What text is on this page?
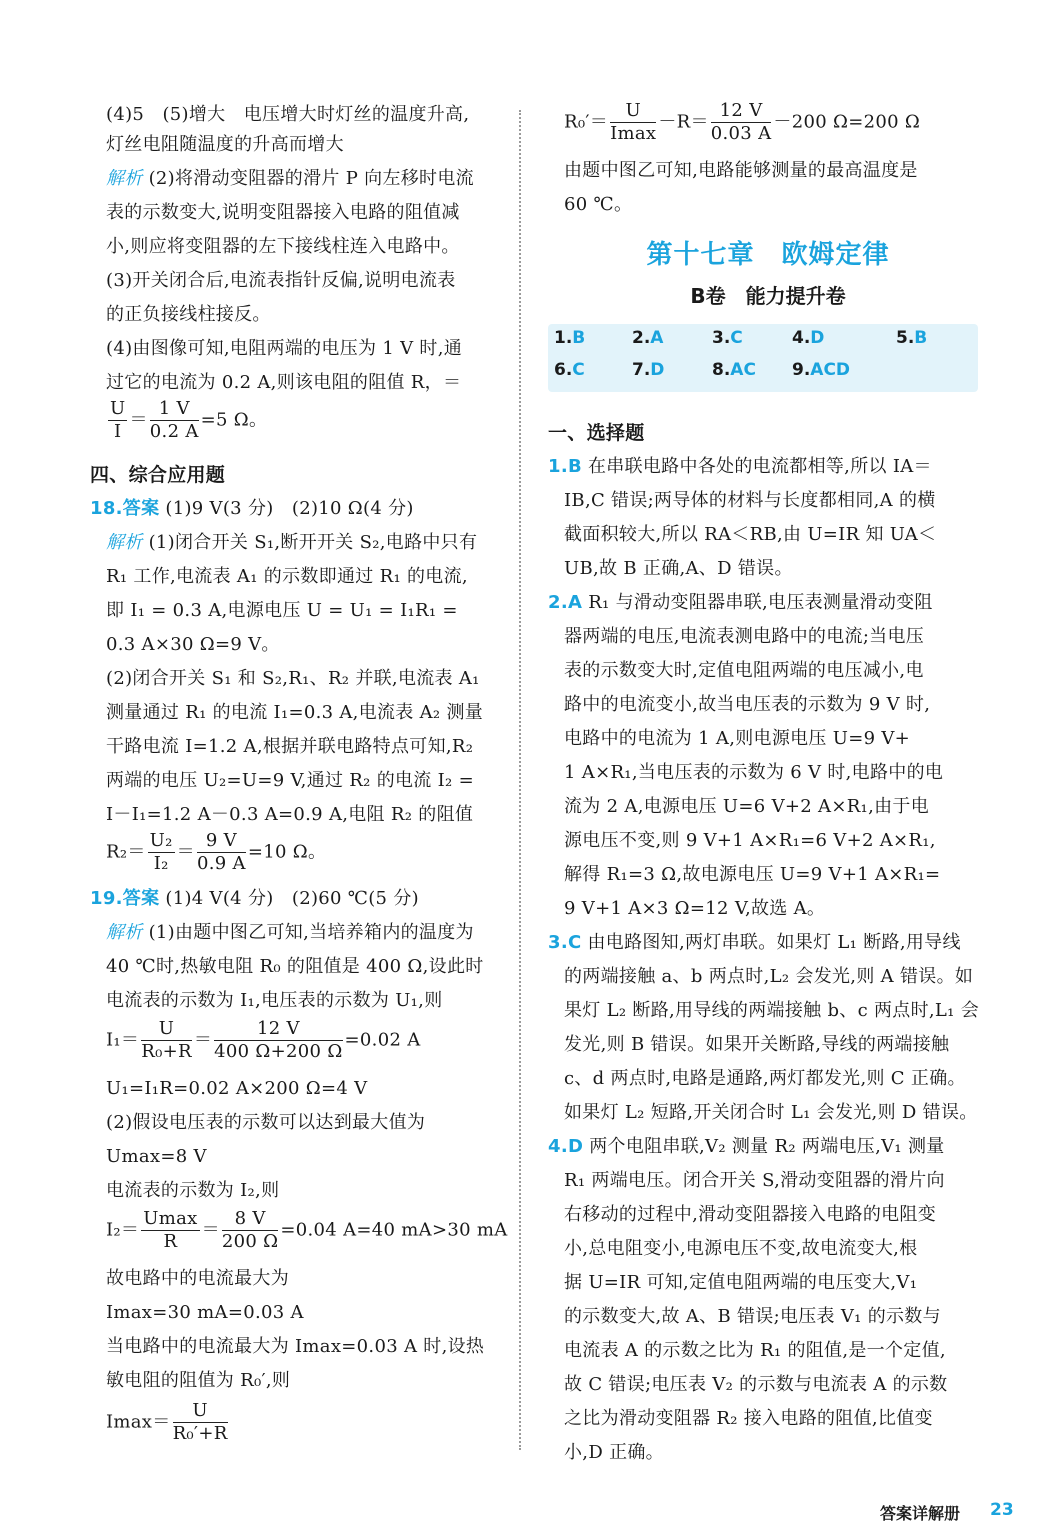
(4)5　(5)增大　电压增大时灯丝的温度升高,
灯丝电阻随温度的升高而增大
解析 (2)将滑动变阻器的滑片 P 向左移时电流
表的示数变大,说明变阻器接入电路的阻值减
小,则应将变阻器的左下接线柱连入电路中。
(3)开关闭合后,电流表指针反偏,说明电流表
的正负接线柱接反。
(4)由图像可知,电阻两端的电压为 1 V 时,通
过它的电流为 0.2 A,则该电阻的阻值 R，＝
四、综合应用题
18.答案 (1)9 V(3 分)　(2)10 Ω(4 分)
解析 (1)闭合开关 S₁,断开开关 S₂,电路中只有
R₁ 工作,电流表 A₁ 的示数即通过 R₁ 的电流,
即 I₁ = 0.3 A,电源电压 U = U₁ = I₁R₁ =
0.3 A×30 Ω=9 V。
(2)闭合开关 S₁ 和 S₂,R₁、R₂ 并联,电流表 A₁
测量通过 R₁ 的电流 I₁=0.3 A,电流表 A₂ 测量
干路电流 I=1.2 A,根据并联电路特点可知,R₂
两端的电压 U₂=U=9 V,通过 R₂ 的电流 I₂ =
I－I₁=1.2 A－0.3 A=0.9 A,电阻 R₂ 的阻值
19.答案 (1)4 V(4 分)　(2)60 ℃(5 分)
解析 (1)由题中图乙可知,当培养箱内的温度为
40 ℃时,热敏电阻 R₀ 的阻值是 400 Ω,设此时
电流表的示数为 I₁,电压表的示数为 U₁,则
U₁=I₁R=0.02 A×200 Ω=4 V
(2)假设电压表的示数可以达到最大值为
Umax=8 V
电流表的示数为 I₂,则
故电路中的电流最大为
Imax=30 mA=0.03 A
当电路中的电流最大为 Imax=0.03 A 时,设热
敏电阻的阻值为 R₀′,则
$\frac{U}{I} = \frac{1 V}{0.2 A} =5$ Ω。
$R_2= \frac{\text{U₂}}{\text{I₂}} = \frac{9 V}{0.9 A} =10$ Ω。
$I_1= \frac{U}{\text{R₀+R}} = \frac{12 V}{400 \Omega+200 \Omega} =0.02$ A
$I_2= \frac{Umax}{R} = \frac{8 V}{200 \Omega} =0.04$ A=40 mA>30 mA
$Imax= \frac{U}{\text{R₀′+R}}$
$R_0'= \frac{U}{Imax} -R= \frac{12 V}{0.03 A} -200$ Ω=200 Ω
由题中图乙可知,电路能够测量的最高温度是
60 ℃。
第十七章　欧姆定律
B卷　能力提升卷
1.B	2.A	3.C	4.D	5.B
6.C	7.D	8.AC 9.ACD
一、选择题
1.B 在串联电路中各处的电流都相等,所以 IA＝
IB,C 错误;两导体的材料与长度都相同,A 的横
截面积较大,所以 RA＜RB,由 U=IR 知 UA＜
UB,故 B 正确,A、D 错误。
2.A R₁ 与滑动变阻器串联,电压表测量滑动变阻
器两端的电压,电流表测电路中的电流;当电压
表的示数变大时,定值电阻两端的电压减小,电
路中的电流变小,故当电压表的示数为 9 V 时,
电路中的电流为 1 A,则电源电压 U=9 V+
1 A×R₁,当电压表的示数为 6 V 时,电路中的电
流为 2 A,电源电压 U=6 V+2 A×R₁,由于电
源电压不变,则 9 V+1 A×R₁=6 V+2 A×R₁,
解得 R₁=3 Ω,故电源电压 U=9 V+1 A×R₁=
9 V+1 A×3 Ω=12 V,故选 A。
3.C 由电路图知,两灯串联。如果灯 L₁ 断路,用导线
的两端接触 a、b 两点时,L₂ 会发光,则 A 错误。如
果灯 L₂ 断路,用导线的两端接触 b、c 两点时,L₁ 会
发光,则 B 错误。如果开关断路,导线的两端接触
c、d 两点时,电路是通路,两灯都发光,则 C 正确。
如果灯 L₂ 短路,开关闭合时 L₁ 会发光,则 D 错误。
4.D 两个电阻串联,V₂ 测量 R₂ 两端电压,V₁ 测量
R₁ 两端电压。闭合开关 S,滑动变阻器的滑片向
右移动的过程中,滑动变阻器接入电路的电阻变
小,总电阻变小,电源电压不变,故电流变大,根
据 U=IR 可知,定值电阻两端的电压变大,V₁
的示数变大,故 A、B 错误;电压表 V₁ 的示数与
电流表 A 的示数之比为 R₁ 的阻值,是一个定值,
故 C 错误;电压表 V₂ 的示数与电流表 A 的示数
之比为滑动变阻器 R₂ 接入电路的阻值,比值变
小,D 正确。
答案详解册 23
